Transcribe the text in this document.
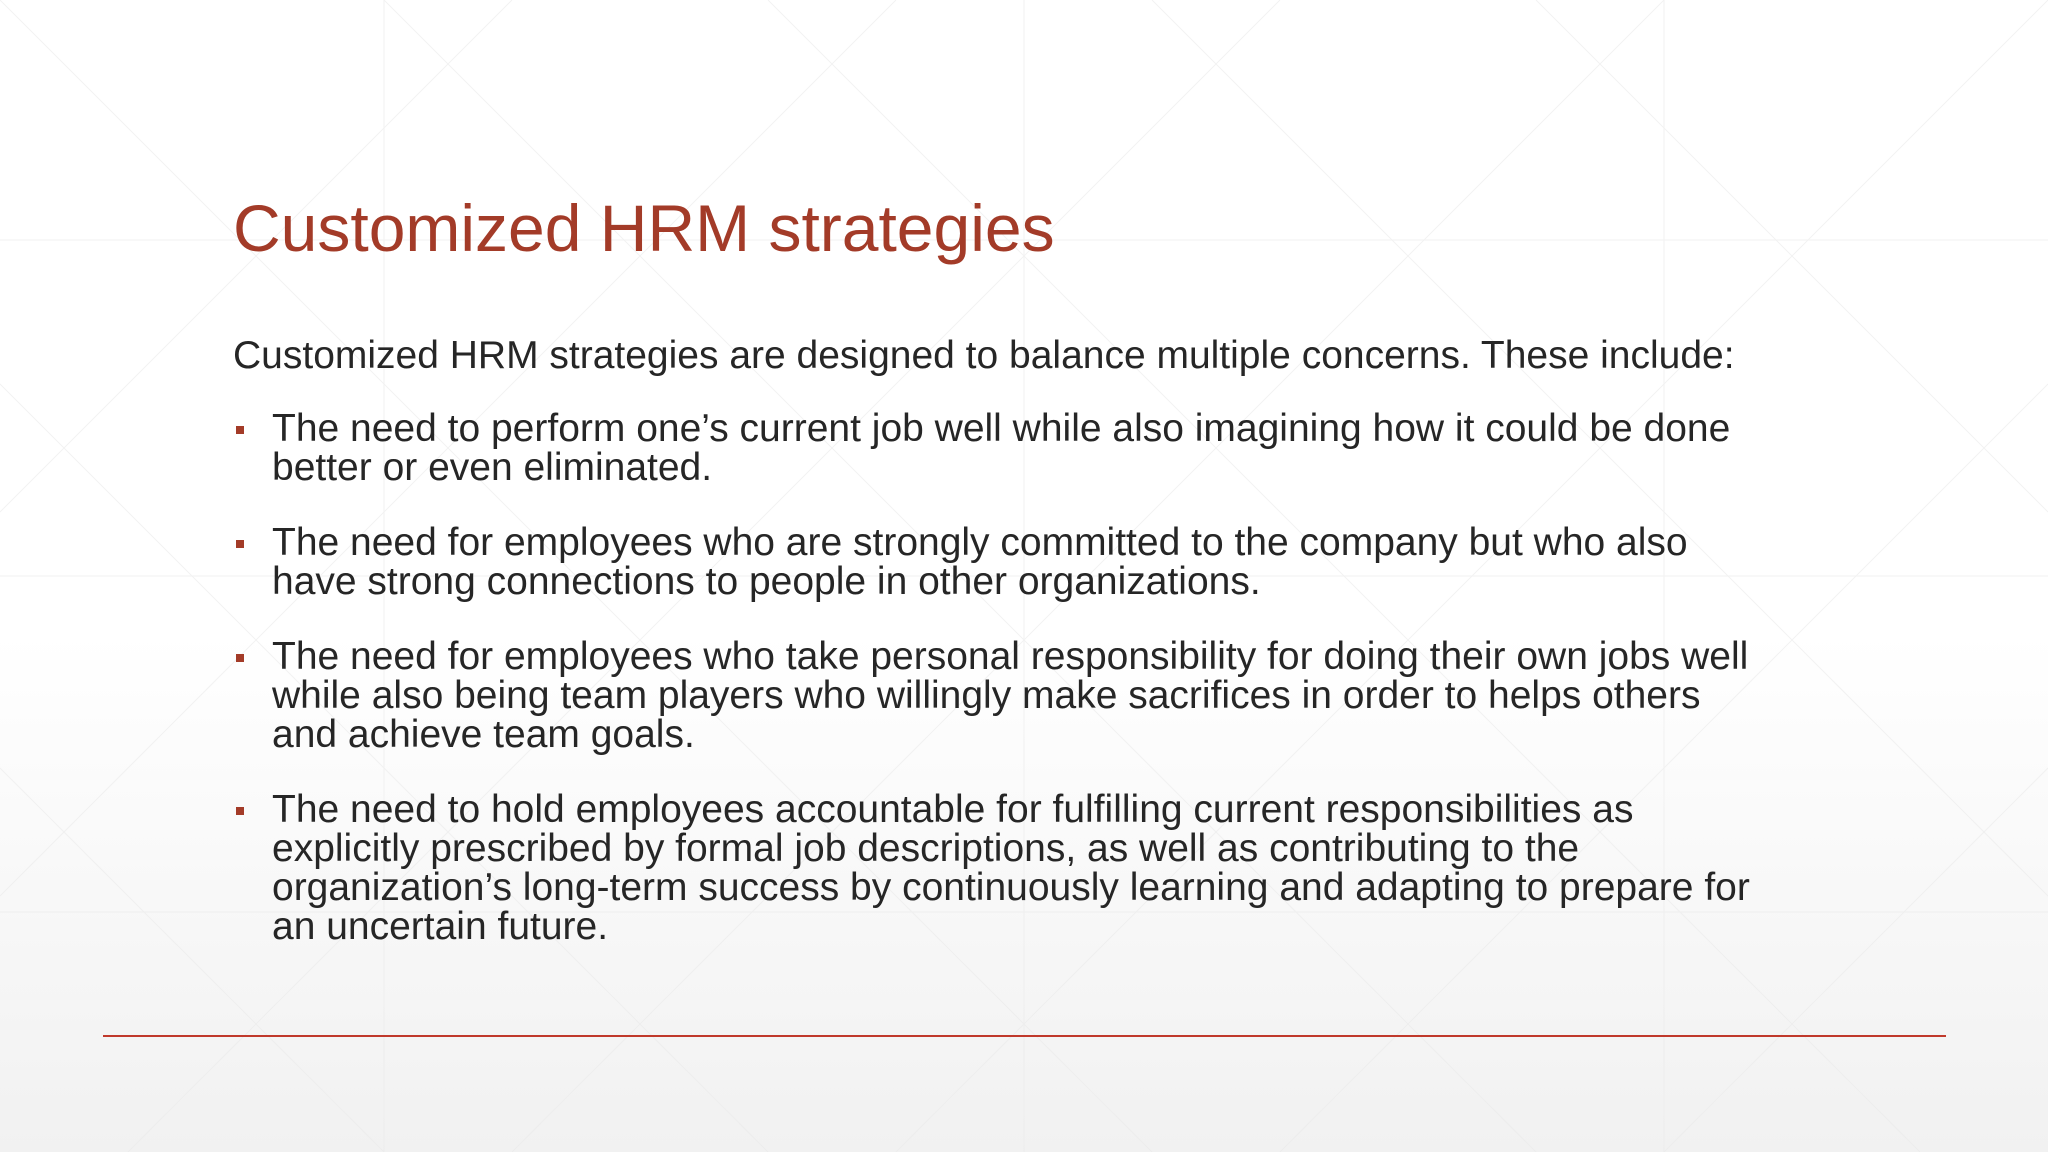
Customized HRM strategies

Customized HRM strategies are designed to balance multiple concerns. These include:

The need to perform one’s current job well while also imagining how it could be done
better or even eliminated.
The need for employees who are strongly committed to the company but who also
have strong connections to people in other organizations.
The need for employees who take personal responsibility for doing their own jobs well
while also being team players who willingly make sacrifices in order to helps others
and achieve team goals.
The need to hold employees accountable for fulfilling current responsibilities as
explicitly prescribed by formal job descriptions, as well as contributing to the
organization’s long-term success by continuously learning and adapting to prepare for
an uncertain future.
